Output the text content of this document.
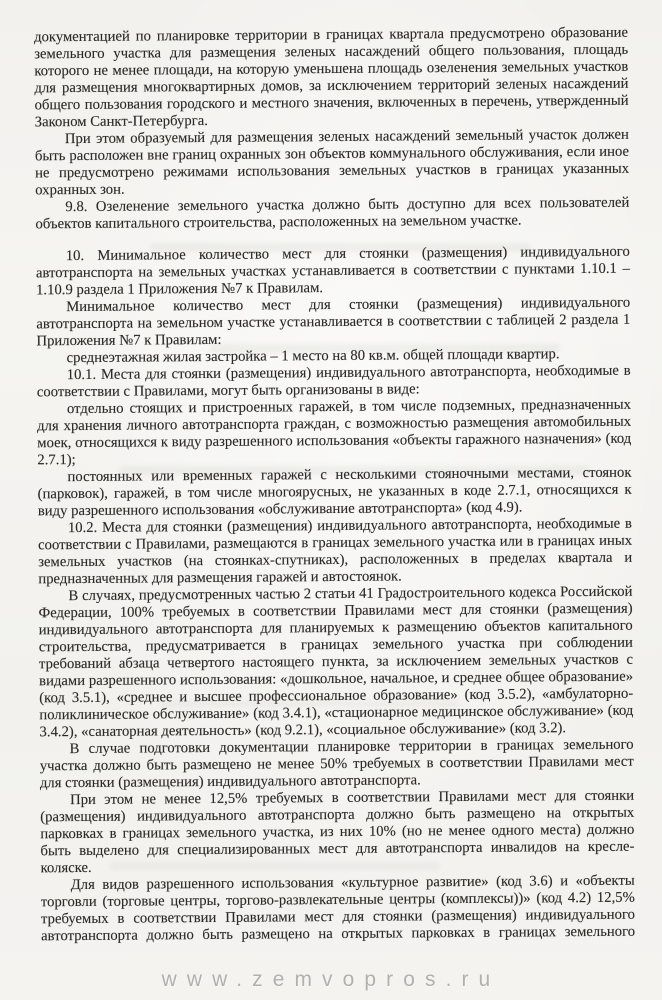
документацией по планировке территории в границах квартала предусмотрено образование земельного участка для размещения зеленых насаждений общего пользования, площадь которого не менее площади, на которую уменьшена площадь озеленения земельных участков для размещения многоквартирных домов, за исключением территорий зеленых насаждений общего пользования городского и местного значения, включенных в перечень, утвержденный Законом Санкт-Петербурга.

При этом образуемый для размещения зеленых насаждений земельный участок должен быть расположен вне границ охранных зон объектов коммунального обслуживания, если иное не предусмотрено режимами использования земельных участков в границах указанных охранных зон.

9.8. Озеленение земельного участка должно быть доступно для всех пользователей объектов капитального строительства, расположенных на земельном участке.

10. Минимальное количество мест для стоянки (размещения) индивидуального автотранспорта на земельных участках устанавливается в соответствии с пунктами 1.10.1 – 1.10.9 раздела 1 Приложения №7 к Правилам.

Минимальное количество мест для стоянки (размещения) индивидуального автотранспорта на земельном участке устанавливается в соответствии с таблицей 2 раздела 1 Приложения №7 к Правилам:

среднеэтажная жилая застройка – 1 место на 80 кв.м. общей площади квартир.

10.1. Места для стоянки (размещения) индивидуального автотранспорта, необходимые в соответствии с Правилами, могут быть организованы в виде:

отдельно стоящих и пристроенных гаражей, в том числе подземных, предназначенных для хранения личного автотранспорта граждан, с возможностью размещения автомобильных моек, относящихся к виду разрешенного использования «объекты гаражного назначения» (код 2.7.1);

постоянных или временных гаражей с несколькими стояночными местами, стоянок (парковок), гаражей, в том числе многоярусных, не указанных в коде 2.7.1, относящихся к виду разрешенного использования «обслуживание автотранспорта» (код 4.9).

10.2. Места для стоянки (размещения) индивидуального автотранспорта, необходимые в соответствии с Правилами, размещаются в границах земельного участка или в границах иных земельных участков (на стоянках-спутниках), расположенных в пределах квартала и предназначенных для размещения гаражей и автостоянок.

В случаях, предусмотренных частью 2 статьи 41 Градостроительного кодекса Российской Федерации, 100% требуемых в соответствии Правилами мест для стоянки (размещения) индивидуального автотранспорта для планируемых к размещению объектов капитального строительства, предусматривается в границах земельного участка при соблюдении требований абзаца четвертого настоящего пункта, за исключением земельных участков с видами разрешенного использования: «дошкольное, начальное, и среднее общее образование» (код 3.5.1), «среднее и высшее профессиональное образование» (код 3.5.2), «амбулаторно-поликлиническое обслуживание» (код 3.4.1), «стационарное медицинское обслуживание» (код 3.4.2), «санаторная деятельность» (код 9.2.1), «социальное обслуживание» (код 3.2).

В случае подготовки документации планировке территории в границах земельного участка должно быть размещено не менее 50% требуемых в соответствии Правилами мест для стоянки (размещения) индивидуального автотранспорта.

При этом не менее 12,5% требуемых в соответствии Правилами мест для стоянки (размещения) индивидуального автотранспорта должно быть размещено на открытых парковках в границах земельного участка, из них 10% (но не менее одного места) должно быть выделено для специализированных мест для автотранспорта инвалидов на кресле-коляске.

Для видов разрешенного использования «культурное развитие» (код 3.6) и «объекты торговли (торговые центры, торгово-развлекательные центры (комплексы))» (код 4.2) 12,5% требуемых в соответствии Правилами мест для стоянки (размещения) индивидуального автотранспорта должно быть размещено на открытых парковках в границах земельного

www.zemvopros.ru
